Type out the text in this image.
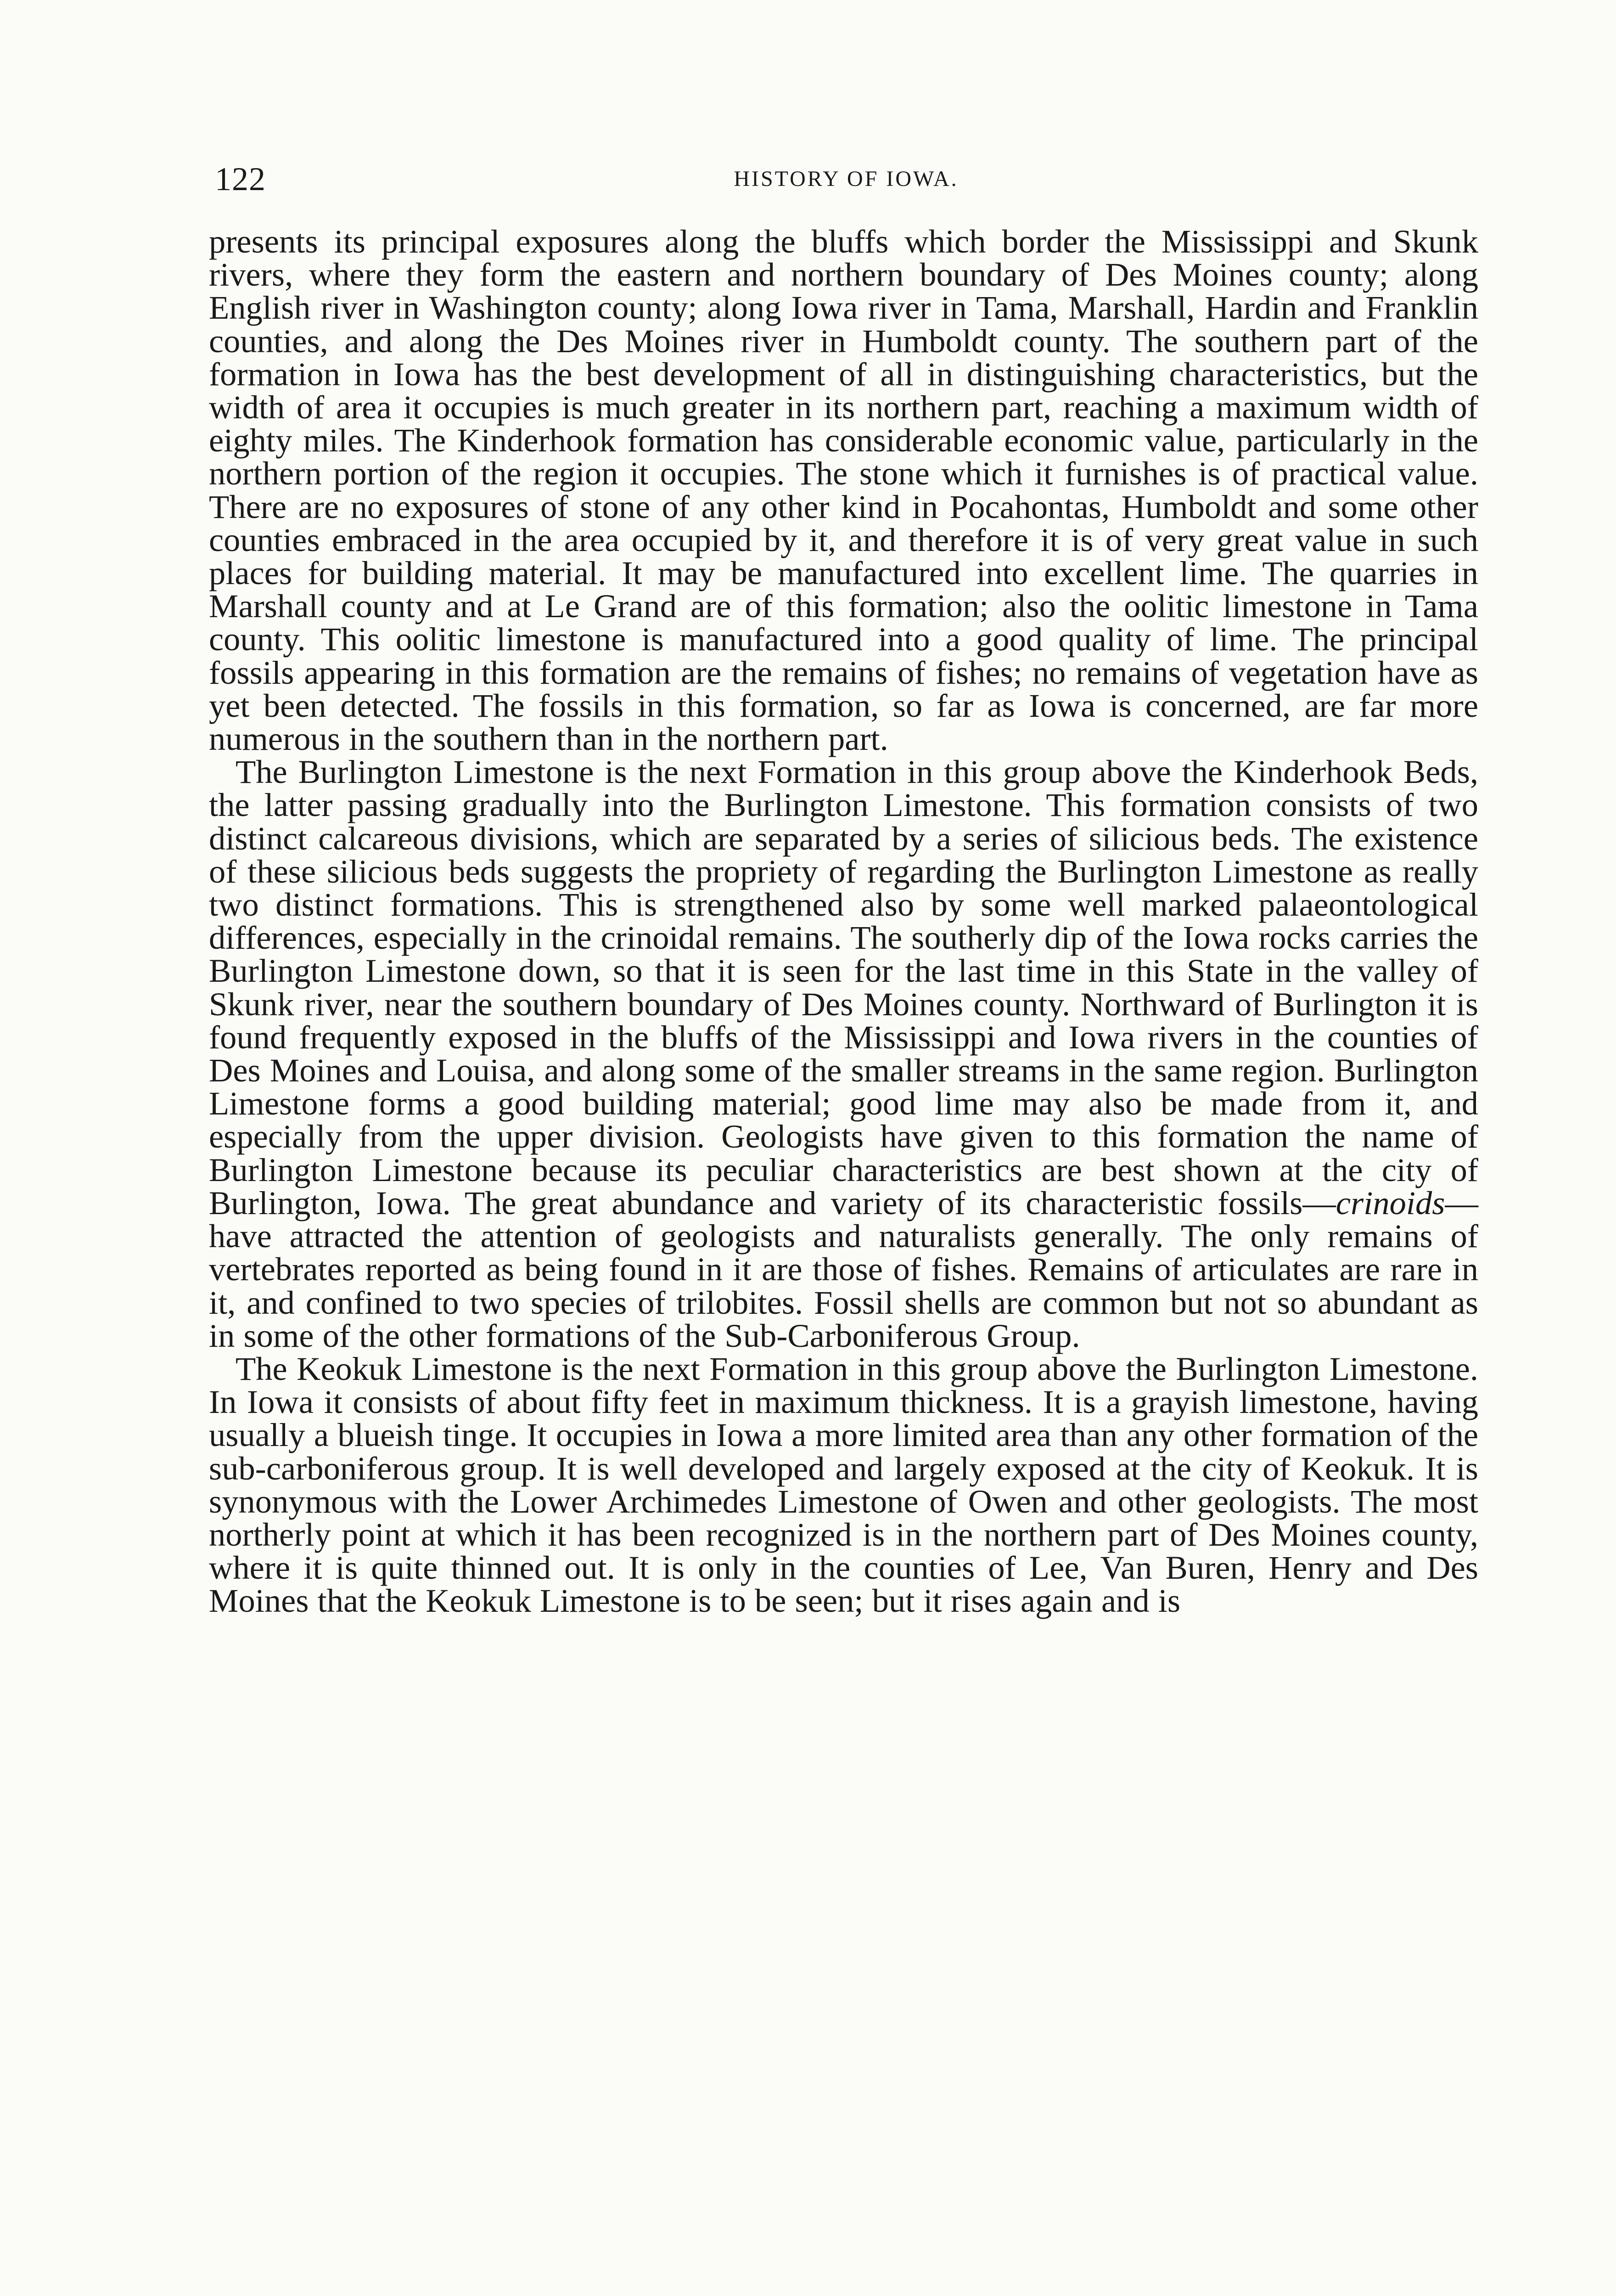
122	HISTORY OF IOWA.

presents its principal exposures along the bluffs which border the Mississippi and Skunk rivers, where they form the eastern and northern boundary of Des Moines county; along English river in Washington county; along Iowa river in Tama, Marshall, Hardin and Franklin counties, and along the Des Moines river in Humboldt county. The southern part of the formation in Iowa has the best development of all in distinguishing characteristics, but the width of area it occupies is much greater in its northern part, reaching a maximum width of eighty miles. The Kinderhook formation has considerable economic value, particularly in the northern portion of the region it occupies. The stone which it furnishes is of practical value. There are no exposures of stone of any other kind in Pocahontas, Humboldt and some other counties embraced in the area occupied by it, and therefore it is of very great value in such places for building material. It may be manufactured into excellent lime. The quarries in Marshall county and at Le Grand are of this formation; also the oolitic limestone in Tama county. This oolitic limestone is manufactured into a good quality of lime. The principal fossils appearing in this formation are the remains of fishes; no remains of vegetation have as yet been detected. The fossils in this formation, so far as Iowa is concerned, are far more numerous in the southern than in the northern part.

The Burlington Limestone is the next Formation in this group above the Kinderhook Beds, the latter passing gradually into the Burlington Limestone. This formation consists of two distinct calcareous divisions, which are separated by a series of silicious beds. The existence of these silicious beds suggests the propriety of regarding the Burlington Limestone as really two distinct formations. This is strengthened also by some well marked palaeontological differences, especially in the crinoidal remains. The southerly dip of the Iowa rocks carries the Burlington Limestone down, so that it is seen for the last time in this State in the valley of Skunk river, near the southern boundary of Des Moines county. Northward of Burlington it is found frequently exposed in the bluffs of the Mississippi and Iowa rivers in the counties of Des Moines and Louisa, and along some of the smaller streams in the same region. Burlington Limestone forms a good building material; good lime may also be made from it, and especially from the upper division. Geologists have given to this formation the name of Burlington Limestone because its peculiar characteristics are best shown at the city of Burlington, Iowa. The great abundance and variety of its characteristic fossils—crinoids—have attracted the attention of geologists and naturalists generally. The only remains of vertebrates reported as being found in it are those of fishes. Remains of articulates are rare in it, and confined to two species of trilobites. Fossil shells are common but not so abundant as in some of the other formations of the Sub-Carboniferous Group.

The Keokuk Limestone is the next Formation in this group above the Burlington Limestone. In Iowa it consists of about fifty feet in maximum thickness. It is a grayish limestone, having usually a blueish tinge. It occupies in Iowa a more limited area than any other formation of the sub-carboniferous group. It is well developed and largely exposed at the city of Keokuk. It is synonymous with the Lower Archimedes Limestone of Owen and other geologists. The most northerly point at which it has been recognized is in the northern part of Des Moines county, where it is quite thinned out. It is only in the counties of Lee, Van Buren, Henry and Des Moines that the Keokuk Limestone is to be seen; but it rises again and is
